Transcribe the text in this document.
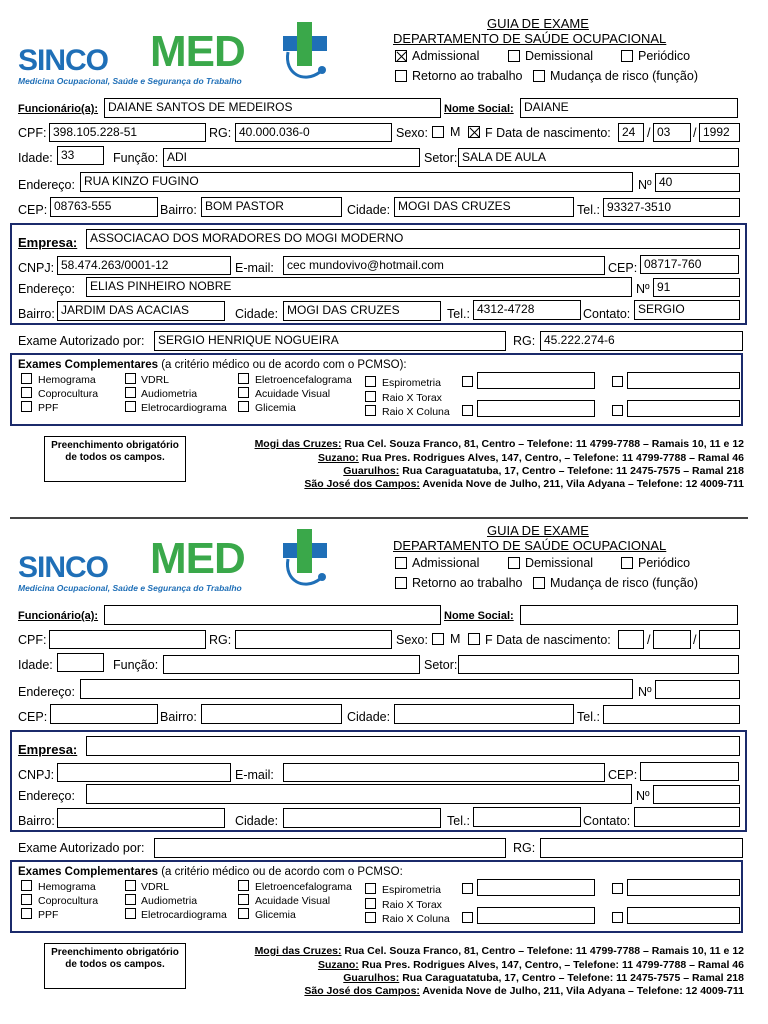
SINCO MED
Medicina Ocupacional, Saúde e Segurança do Trabalho
GUIA DE EXAME
DEPARTAMENTO DE SAÚDE OCUPACIONAL
Admissional	Demissional	Periódico
Retorno ao trabalho Mudança de risco (função)
Funcionário(a): DAIANE SANTOS DE MEDEIROS	Nome Social: DAIANE
CPF: 398.105.228-51	RG: 40.000.036-0	Sexo: M F Data de nascimento: 24 / 03	/ 1992
Idade: 33	Função: ADI	Setor: SALA DE AULA
Endereço: RUA KINZO FUGINO	Nº 40
CEP: 08763-555	Bairro: BOM PASTOR	Cidade: MOGI DAS CRUZES	Tel.: 93327-3510
Empresa:	ASSOCIACAO DOS MORADORES DO MOGI MODERNO
CNPJ: 58.474.263/0001-12	E-mail:	cec mundovivo@hotmail.com	CEP: 08717-760
Endereço:	ELIAS PINHEIRO NOBRE	Nº 91
Bairro: JARDIM DAS ACACIAS	Cidade: MOGI DAS CRUZES	Tel.: 4312-4728	Contato: SERGIO
Exame Autorizado por:	SERGIO HENRIQUE NOGUEIRA	RG: 45.222.274-6
Exames Complementares (a critério médico ou de acordo com o PCMSO):
Hemograma
Coprocultura
PPF
VDRL
Audiometria
Eletrocardiograma
Eletroencefalograma
Acuidade Visual
Glicemia
Espirometria
Raio X Torax
Raio X Coluna
Preenchimento obrigatório de todos os campos.
Mogi das Cruzes: Rua Cel. Souza Franco, 81, Centro – Telefone: 11 4799-7788 – Ramais 10, 11 e 12
Suzano: Rua Pres. Rodrigues Alves, 147, Centro, – Telefone: 11 4799-7788 – Ramal 46
Guarulhos: Rua Caraguatatuba, 17, Centro – Telefone: 11 2475-7575 – Ramal 218
São José dos Campos: Avenida Nove de Julho, 211, Vila Adyana – Telefone: 12 4009-711
SINCO MED
Medicina Ocupacional, Saúde e Segurança do Trabalho
GUIA DE EXAME
DEPARTAMENTO DE SAÚDE OCUPACIONAL
Admissional	Demissional	Periódico
Retorno ao trabalho Mudança de risco (função)
Funcionário(a):	Nome Social:
CPF:	RG:	Sexo: M F Data de nascimento:	/	/
Idade:	Função:	Setor:
Endereço:	Nº
CEP:	Bairro:	Cidade:	Tel.:
Empresa:
CNPJ:	E-mail:	CEP:
Endereço:	Nº
Bairro:	Cidade:	Tel.:	Contato:
Exame Autorizado por:	RG:
Exames Complementares (a critério médico ou de acordo com o PCMSO:
Hemograma
Coprocultura
PPF
VDRL
Audiometria
Eletrocardiograma
Eletroencefalograma
Acuidade Visual
Glicemia
Espirometria
Raio X Torax
Raio X Coluna
Preenchimento obrigatório de todos os campos.
Mogi das Cruzes: Rua Cel. Souza Franco, 81, Centro – Telefone: 11 4799-7788 – Ramais 10, 11 e 12
Suzano: Rua Pres. Rodrigues Alves, 147, Centro, – Telefone: 11 4799-7788 – Ramal 46
Guarulhos: Rua Caraguatatuba, 17, Centro – Telefone: 11 2475-7575 – Ramal 218
São José dos Campos: Avenida Nove de Julho, 211, Vila Adyana – Telefone: 12 4009-711
